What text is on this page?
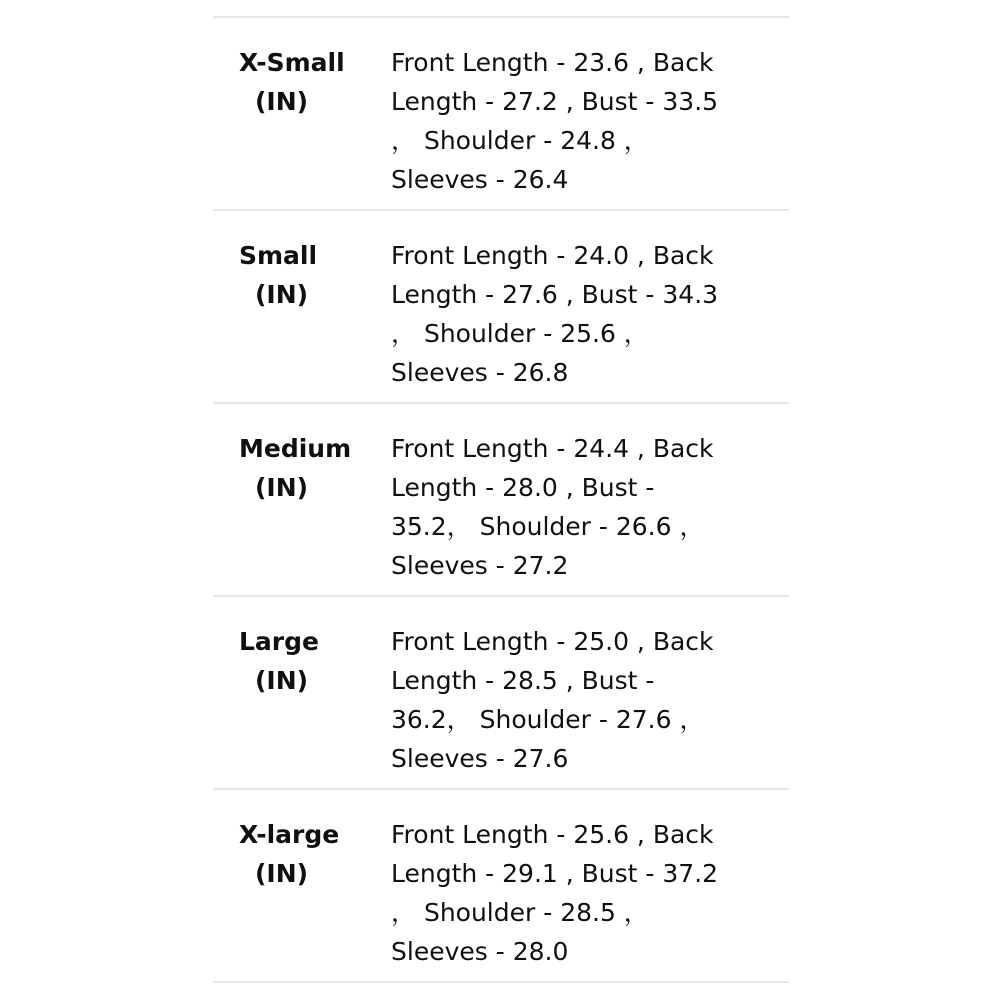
X-Small
(IN)
Front Length - 23.6 , Back
Length - 27.2 , Bust - 33.5
， Shoulder - 24.8 ，
Sleeves - 26.4
Small
(IN)
Front Length - 24.0 , Back
Length - 27.6 , Bust - 34.3
， Shoulder - 25.6 ，
Sleeves - 26.8
Medium
(IN)
Front Length - 24.4 , Back
Length - 28.0 , Bust -
35.2， Shoulder - 26.6 ，
Sleeves - 27.2
Large
(IN)
Front Length - 25.0 , Back
Length - 28.5 , Bust -
36.2， Shoulder - 27.6 ，
Sleeves - 27.6
X-large
(IN)
Front Length - 25.6 , Back
Length - 29.1 , Bust - 37.2
， Shoulder - 28.5 ，
Sleeves - 28.0
